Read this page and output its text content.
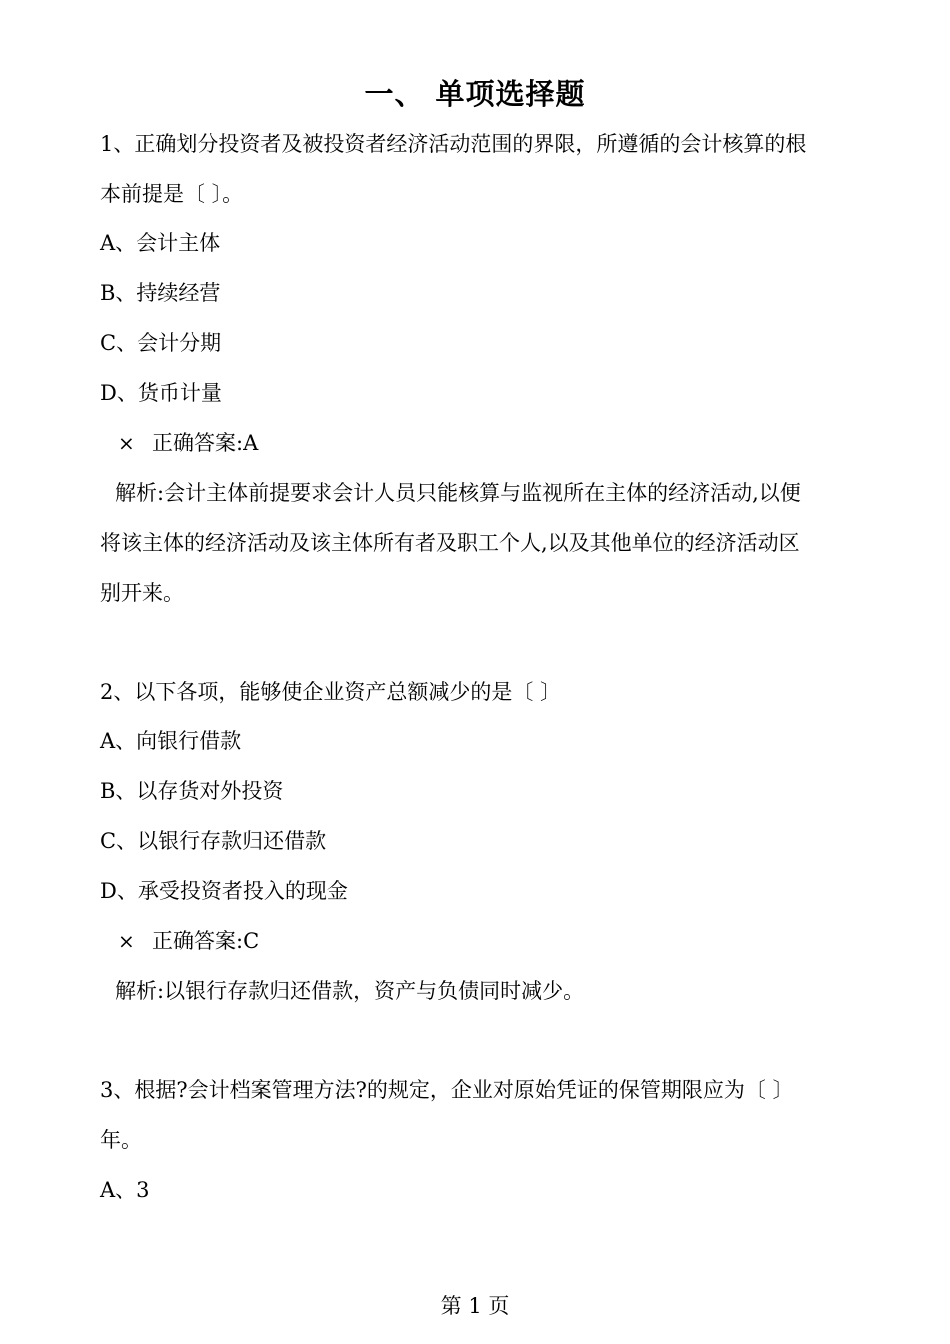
一、 单项选择题
1、正确划分投资者及被投资者经济活动范围的界限，所遵循的会计核算的根
本前提是〔 〕。
A、会计主体
B、持续经营
C、会计分期
D、货币计量
× 正确答案:A
解析:会计主体前提要求会计人员只能核算与监视所在主体的经济活动,以便
将该主体的经济活动及该主体所有者及职工个人,以及其他单位的经济活动区
别开来。
2、以下各项，能够使企业资产总额减少的是〔 〕
A、向银行借款
B、以存货对外投资
C、以银行存款归还借款
D、承受投资者投入的现金
× 正确答案:C
解析:以银行存款归还借款，资产与负债同时减少。
3、根据?会计档案管理方法?的规定，企业对原始凭证的保管期限应为〔 〕
年。
A、3
第 1 页
